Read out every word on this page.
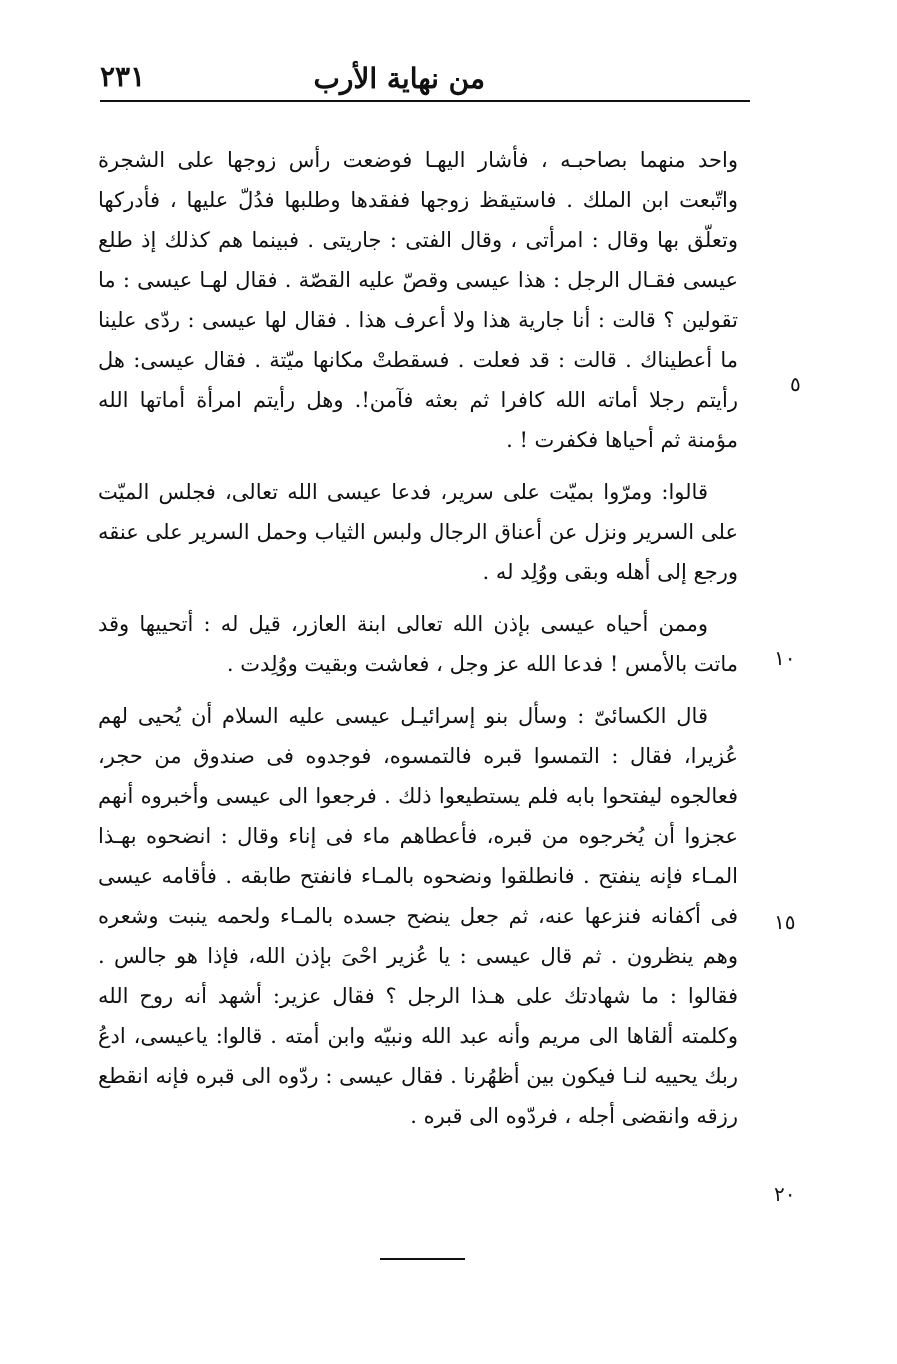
من نهاية الأرب
٢٣١

واحد منهما بصاحبـه ، فأشار اليهـا فوضعت رأس زوجها على الشجرة واتّبعت ابن الملك . فاستيقظ زوجها ففقدها وطلبها فدُلّ عليها ، فأدركها وتعلّق بها وقال : امرأتى ، وقال الفتى : جاريتى . فبينما هم كذلك إذ طلع عيسى فقـال الرجل : هذا عيسى وقصّ عليه القصّة . فقال لهـا عيسى : ما تقولين ؟ قالت : أنا جارية هذا ولا أعرف هذا . فقال لها عيسى : ردّى علينا ما أعطيناك . قالت : قد فعلت . فسقطتْ مكانها ميّتة . فقال عيسى: هل رأيتم رجلا أماته الله كافرا ثم بعثه فآمن!. وهل رأيتم امرأة أماتها الله مؤمنة ثم أحياها فكفرت ! .

قالوا: ومرّوا بميّت على سرير، فدعا عيسى الله تعالى، فجلس الميّت على السرير ونزل عن أعناق الرجال ولبس الثياب وحمل السرير على عنقه ورجع إلى أهله وبقى ووُلِد له .

وممن أحياه عيسى بإذن الله تعالى ابنة العازر، قيل له : أتحييها وقد ماتت بالأمس ! فدعا الله عز وجل ، فعاشت وبقيت ووُلِدت .

قال الكسائىّ : وسأل بنو إسرائيـل عيسى عليه السلام أن يُحيى لهم عُزيرا، فقال : التمسوا قبره فالتمسوه، فوجدوه فى صندوق من حجر، فعالجوه ليفتحوا بابه فلم يستطيعوا ذلك . فرجعوا الى عيسى وأخبروه أنهم عجزوا أن يُخرجوه من قبره، فأعطاهم ماء فى إناء وقال : انضحوه بهـذا المـاء فإنه ينفتح . فانطلقوا ونضحوه بالمـاء فانفتح طابقه . فأقامه عيسى فى أكفانه فنزعها عنه، ثم جعل ينضح جسده بالمـاء ولحمه ينبت وشعره وهم ينظرون . ثم قال عيسى : يا عُزير احْىَ بإذن الله، فإذا هو جالس . فقالوا : ما شهادتك على هـذا الرجل ؟ فقال عزير: أشهد أنه روح الله وكلمته ألقاها الى مريم وأنه عبد الله ونبيّه وابن أمته . قالوا: ياعيسى، ادعُ ربك يحييه لنـا فيكون بين أظهُرنا . فقال عيسى : ردّوه الى قبره فإنه انقطع رزقه وانقضى أجله ، فردّوه الى قبره .

٥
١٠
١٥
٢٠
